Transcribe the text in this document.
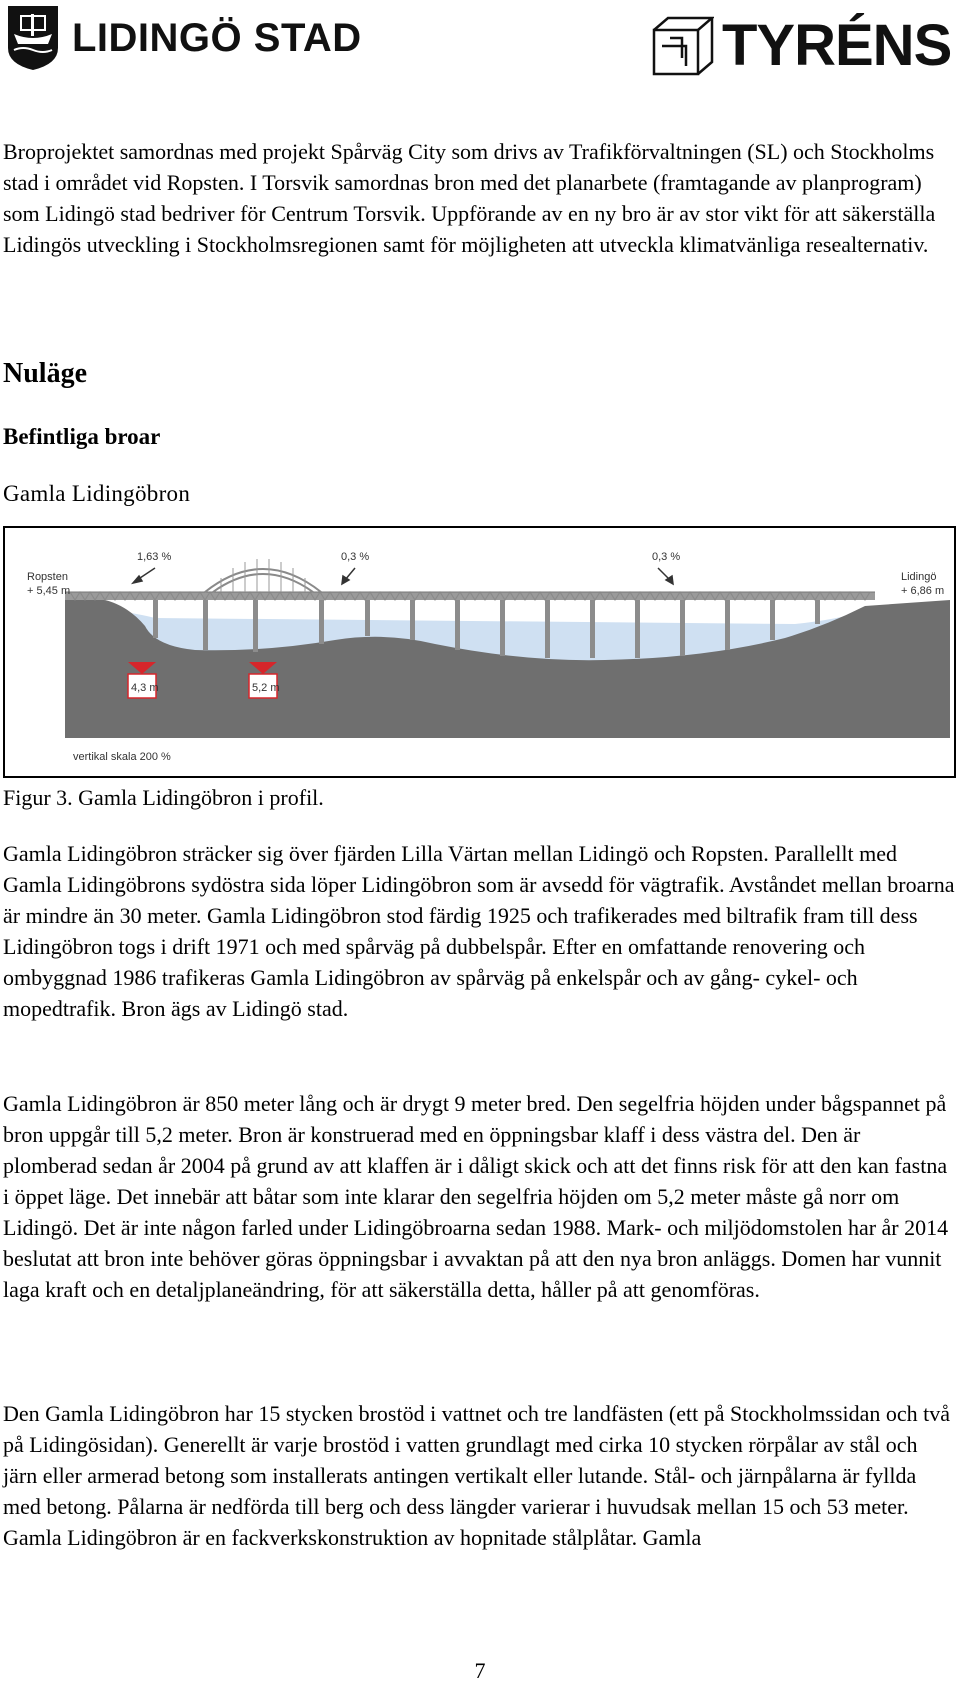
LIDINGÖ STAD	TYRÉNS

Broprojektet samordnas med projekt Spårväg City som drivs av Trafikförvaltningen (SL) och Stockholms stad i området vid Ropsten. I Torsvik samordnas bron med det planarbete (framtagande av planprogram) som Lidingö stad bedriver för Centrum Torsvik. Uppförande av en ny bro är av stor vikt för att säkerställa Lidingös utveckling i Stockholmsregionen samt för möjligheten att utveckla klimatvänliga resealternativ.

Nuläge
Befintliga broar
Gamla Lidingöbron
1,63 %	0,3 %	0,3 %
Ropsten
+ 5,45 m
Lidingö
+ 6,86 m
4,3 m	5,2 m
vertikal skala 200 %
Figur 3. Gamla Lidingöbron i profil.

Gamla Lidingöbron sträcker sig över fjärden Lilla Värtan mellan Lidingö och Ropsten. Parallellt med Gamla Lidingöbrons sydöstra sida löper Lidingöbron som är avsedd för vägtrafik. Avståndet mellan broarna är mindre än 30 meter. Gamla Lidingöbron stod färdig 1925 och trafikerades med biltrafik fram till dess Lidingöbron togs i drift 1971 och med spårväg på dubbelspår. Efter en omfattande renovering och ombyggnad 1986 trafikeras Gamla Lidingöbron av spårväg på enkelspår och av gång- cykel- och mopedtrafik. Bron ägs av Lidingö stad.

Gamla Lidingöbron är 850 meter lång och är drygt 9 meter bred. Den segelfria höjden under bågspannet på bron uppgår till 5,2 meter. Bron är konstruerad med en öppningsbar klaff i dess västra del. Den är plomberad sedan år 2004 på grund av att klaffen är i dåligt skick och att det finns risk för att den kan fastna i öppet läge. Det innebär att båtar som inte klarar den segelfria höjden om 5,2 meter måste gå norr om Lidingö. Det är inte någon farled under Lidingöbroarna sedan 1988. Mark- och miljödomstolen har år 2014 beslutat att bron inte behöver göras öppningsbar i avvaktan på att den nya bron anläggs. Domen har vunnit laga kraft och en detaljplaneändring, för att säkerställa detta, håller på att genomföras.

Den Gamla Lidingöbron har 15 stycken brostöd i vattnet och tre landfästen (ett på Stockholmssidan och två på Lidingösidan). Generellt är varje brostöd i vatten grundlagt med cirka 10 stycken rörpålar av stål och järn eller armerad betong som installerats antingen vertikalt eller lutande. Stål- och järnpålarna är fyllda med betong. Pålarna är nedförda till berg och dess längder varierar i huvudsak mellan 15 och 53 meter. Gamla Lidingöbron är en fackverkskonstruktion av hopnitade stålplåtar. Gamla

7
